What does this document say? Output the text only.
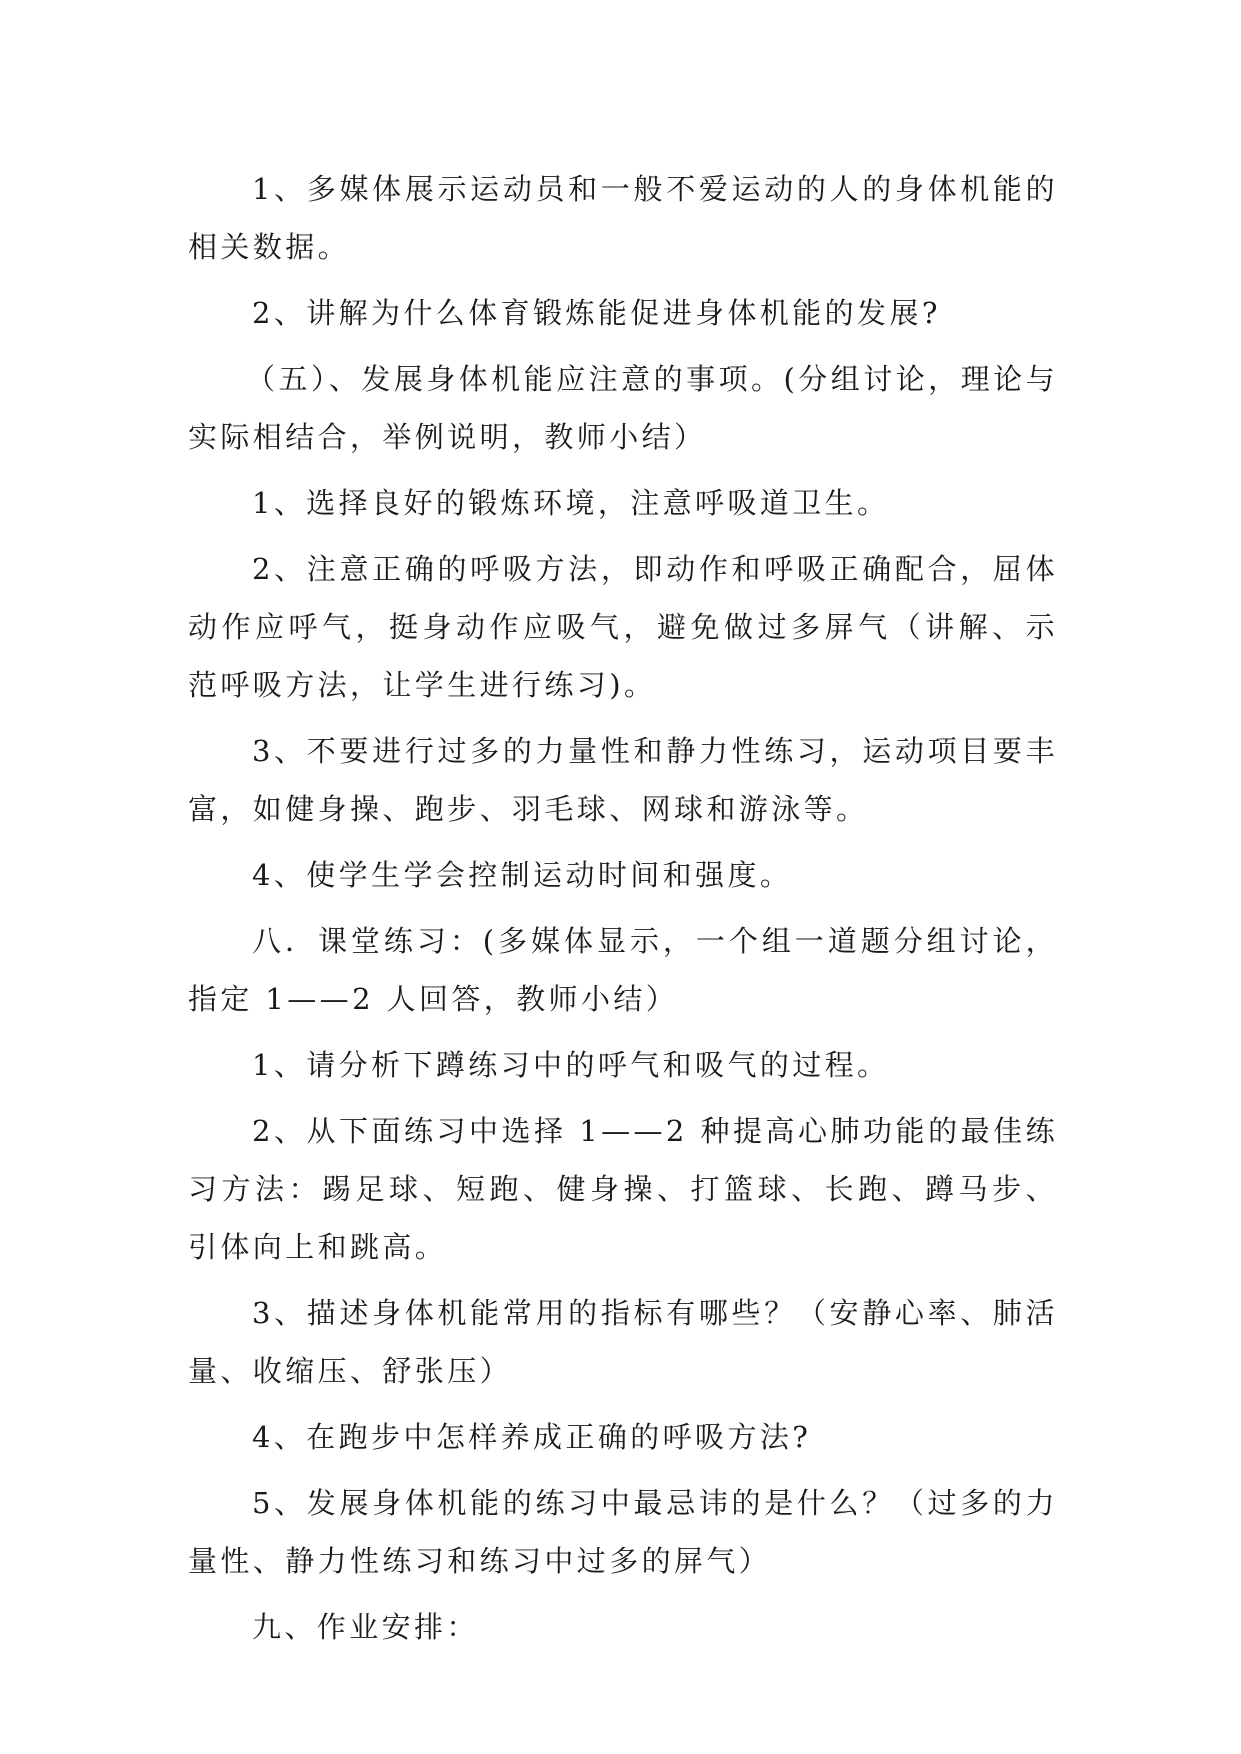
1、多媒体展示运动员和一般不爱运动的人的身体机能的相关数据。

2、讲解为什么体育锻炼能促进身体机能的发展?

（五）、发展身体机能应注意的事项。(分组讨论，理论与实际相结合，举例说明，教师小结）

1、选择良好的锻炼环境，注意呼吸道卫生。

2、注意正确的呼吸方法，即动作和呼吸正确配合，屈体动作应呼气，挺身动作应吸气，避免做过多屏气（讲解、示范呼吸方法，让学生进行练习)。

3、不要进行过多的力量性和静力性练习，运动项目要丰富，如健身操、跑步、羽毛球、网球和游泳等。

4、使学生学会控制运动时间和强度。

八．课堂练习：(多媒体显示，一个组一道题分组讨论，指定 1——2 人回答，教师小结）

1、请分析下蹲练习中的呼气和吸气的过程。

2、从下面练习中选择 1——2 种提高心肺功能的最佳练习方法：踢足球、短跑、健身操、打篮球、长跑、蹲马步、引体向上和跳高。

3、描述身体机能常用的指标有哪些？（安静心率、肺活量、收缩压、舒张压）

4、在跑步中怎样养成正确的呼吸方法?

5、发展身体机能的练习中最忌讳的是什么？（过多的力量性、静力性练习和练习中过多的屏气）

九、作业安排：
